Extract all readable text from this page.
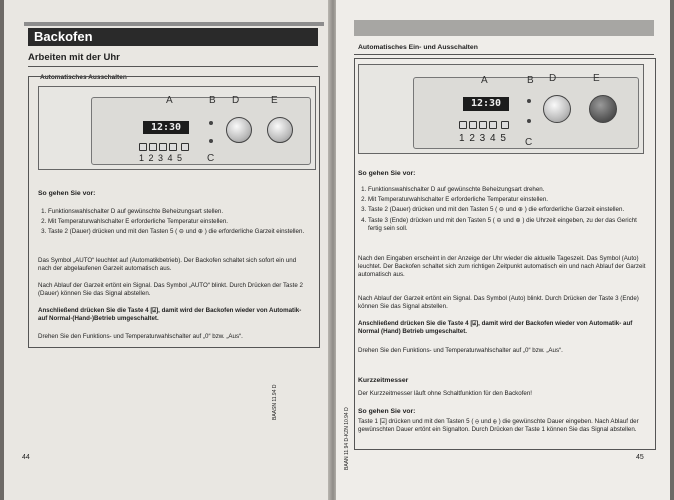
Backofen
Arbeiten mit der Uhr
Automatisches Ausschalten
A	B D	E
12:30
1 2 3 4 5 C
So gehen Sie vor:
1. Funktionswahlschalter D auf gewünschte Beheizungsart stellen.
2. Mit Temperaturwahlschalter E erforderliche Temperatur einstellen.
3. Taste 2 (Dauer) drücken und mit den Tasten 5 ( ⊖ und ⊕ ) die erforderliche Garzeit einstellen.
Das Symbol „AUTO“ leuchtet auf (Automatikbetrieb). Der Backofen schaltet sich sofort ein und nach der abgelaufenen Garzeit automatisch aus.
Nach Ablauf der Garzeit ertönt ein Signal. Das Symbol „AUTO“ blinkt. Durch Drücken der Taste 2 (Dauer) können Sie das Signal abstellen.
Anschließend drücken Sie die Taste 4 [⍓], damit wird der Backofen wieder von Automatik- auf Normal-(Hand-)Betrieb umgeschaltet.
Drehen Sie den Funktions- und Temperaturwahlschalter auf „0“ bzw. „Aus“.
44
BAASN 11.94 D
Automatisches Ein- und Ausschalten
A	B D	E
12:30
1 2 3 4 5 C
So gehen Sie vor:
1. Funktionswahlschalter D auf gewünschte Beheizungsart drehen.
2. Mit Temperaturwahlschalter E erforderliche Temperatur einstellen.
3. Taste 2 (Dauer) drücken und mit den Tasten 5 ( ⊖ und ⊕ ) die erforderliche Garzeit einstellen.
4. Taste 3 (Ende) drücken und mit den Tasten 5 ( ⊖ und ⊕ ) die Uhrzeit eingeben, zu der das Gericht fertig sein soll.
Nach den Eingaben erscheint in der Anzeige der Uhr wieder die aktuelle Tageszeit. Das Symbol (Auto) leuchtet. Der Backofen schaltet sich zum richtigen Zeitpunkt automatisch ein und nach Ablauf der Garzeit automatisch aus.
Nach Ablauf der Garzeit ertönt ein Signal. Das Symbol (Auto) blinkt. Durch Drücken der Taste 3 (Ende) können Sie das Signal abstellen.
Anschließend drücken Sie die Taste 4 [⍓], damit wird der Backofen wieder von Automatik- auf Normal (Hand) Betrieb umgeschaltet.
Drehen Sie den Funktions- und Temperaturwahlschalter auf „0“ bzw. „Aus“.
Kurzzeitmesser
Der Kurzzeitmesser läuft ohne Schaltfunktion für den Backofen!
So gehen Sie vor:
Taste 1 [⍓] drücken und mit den Tasten 5 ( ⊖ und ⊕ ) die gewünschte Dauer eingeben. Nach Ablauf der gewünschten Dauer ertönt ein Signalton. Durch Drücken der Taste 1 können Sie das Signal abstellen.
45
BAAN 11.94 D-KZN 10.94 D
